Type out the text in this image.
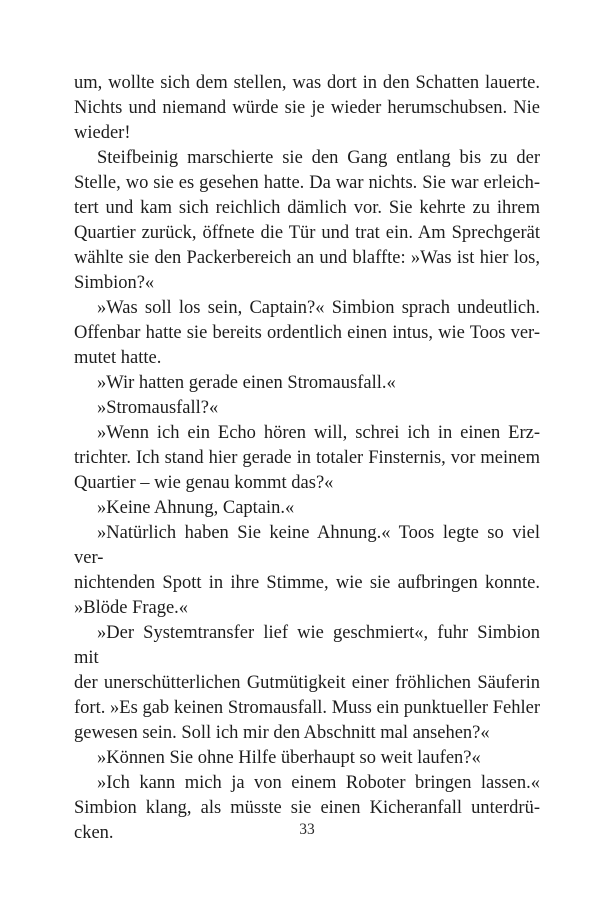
um, wollte sich dem stellen, was dort in den Schatten lauerte.
Nichts und niemand würde sie je wieder herumschubsen. Nie
wieder!

Steifbeinig marschierte sie den Gang entlang bis zu der
Stelle, wo sie es gesehen hatte. Da war nichts. Sie war erleich-
tert und kam sich reichlich dämlich vor. Sie kehrte zu ihrem
Quartier zurück, öffnete die Tür und trat ein. Am Sprechgerät
wählte sie den Packerbereich an und blaffte: »Was ist hier los,
Simbion?«

»Was soll los sein, Captain?« Simbion sprach undeutlich.
Offenbar hatte sie bereits ordentlich einen intus, wie Toos ver-
mutet hatte.

»Wir hatten gerade einen Stromausfall.«

»Stromausfall?«

»Wenn ich ein Echo hören will, schrei ich in einen Erz-
trichter. Ich stand hier gerade in totaler Finsternis, vor meinem
Quartier – wie genau kommt das?«

»Keine Ahnung, Captain.«

»Natürlich haben Sie keine Ahnung.« Toos legte so viel ver-
nichtenden Spott in ihre Stimme, wie sie aufbringen konnte.
»Blöde Frage.«

»Der Systemtransfer lief wie geschmiert«, fuhr Simbion mit
der unerschütterlichen Gutmütigkeit einer fröhlichen Säuferin
fort. »Es gab keinen Stromausfall. Muss ein punktueller Fehler
gewesen sein. Soll ich mir den Abschnitt mal ansehen?«

»Können Sie ohne Hilfe überhaupt so weit laufen?«

»Ich kann mich ja von einem Roboter bringen lassen.«
Simbion klang, als müsste sie einen Kicheranfall unterdrü-
cken.	33
